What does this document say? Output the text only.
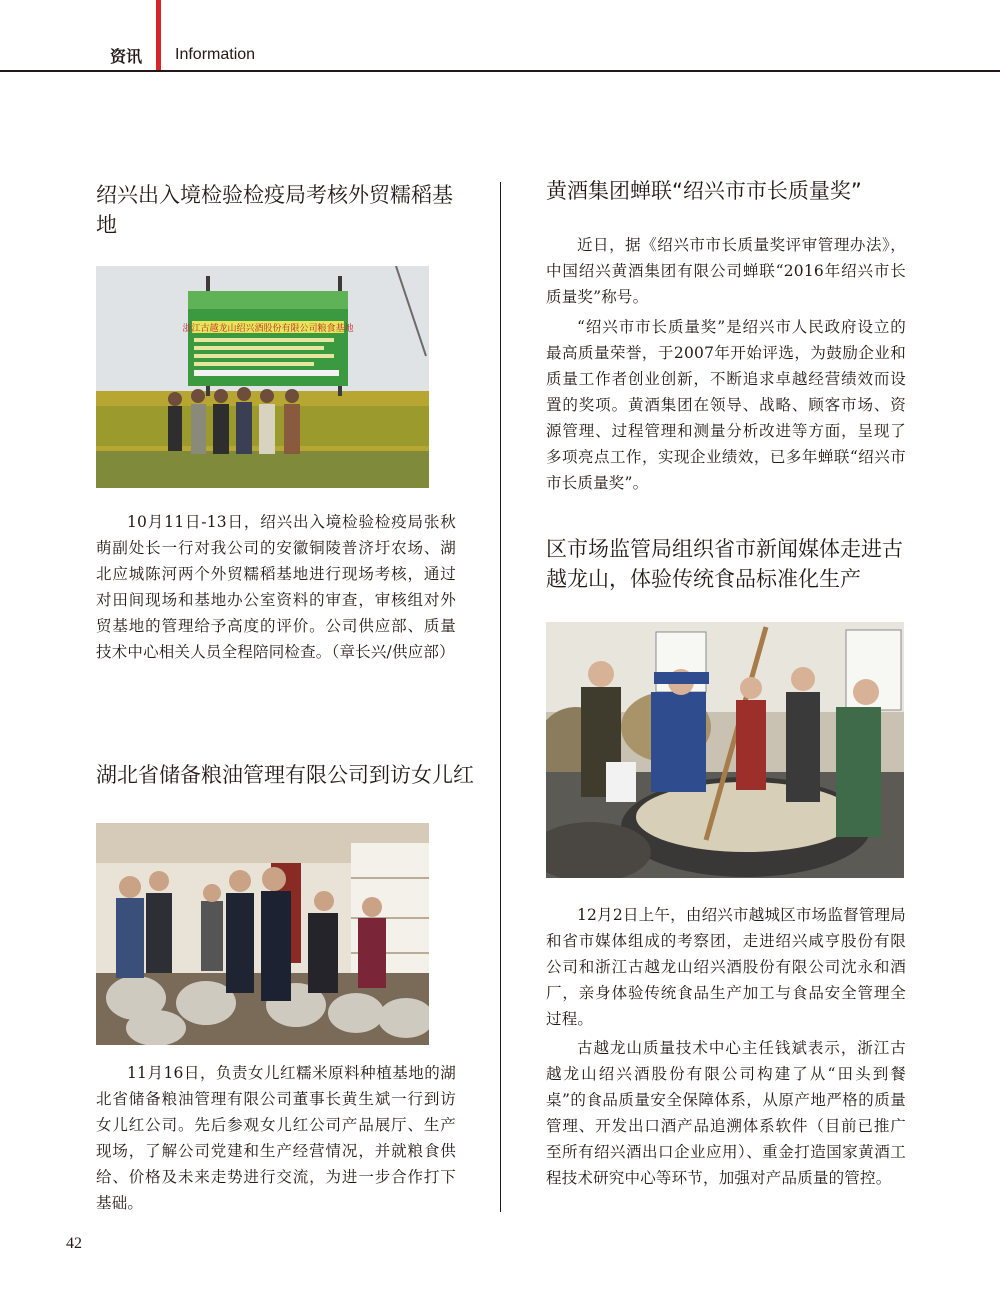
资讯 Information
绍兴出入境检验检疫局考核外贸糯稻基地
浙江古越龙山绍兴酒股份有限公司粮食基地

10月11日-13日，绍兴出入境检验检疫局张秋萌副处长一行对我公司的安徽铜陵普济圩农场、湖北应城陈河两个外贸糯稻基地进行现场考核，通过对田间现场和基地办公室资料的审查，审核组对外贸基地的管理给予高度的评价。公司供应部、质量技术中心相关人员全程陪同检查。（章长兴/供应部）

湖北省储备粮油管理有限公司到访女儿红

11月16日，负责女儿红糯米原料种植基地的湖北省储备粮油管理有限公司董事长黄生斌一行到访女儿红公司。先后参观女儿红公司产品展厅、生产现场，了解公司党建和生产经营情况，并就粮食供给、价格及未来走势进行交流，为进一步合作打下基础。

黄酒集团蝉联“绍兴市市长质量奖”

近日，据《绍兴市市长质量奖评审管理办法》，中国绍兴黄酒集团有限公司蝉联“2016年绍兴市长质量奖”称号。

“绍兴市市长质量奖”是绍兴市人民政府设立的最高质量荣誉，于2007年开始评选，为鼓励企业和质量工作者创业创新，不断追求卓越经营绩效而设置的奖项。黄酒集团在领导、战略、顾客市场、资源管理、过程管理和测量分析改进等方面，呈现了多项亮点工作，实现企业绩效，已多年蝉联“绍兴市市长质量奖”。

区市场监管局组织省市新闻媒体走进古越龙山，体验传统食品标准化生产

12月2日上午，由绍兴市越城区市场监督管理局和省市媒体组成的考察团，走进绍兴咸亨股份有限公司和浙江古越龙山绍兴酒股份有限公司沈永和酒厂，亲身体验传统食品生产加工与食品安全管理全过程。

古越龙山质量技术中心主任钱斌表示，浙江古越龙山绍兴酒股份有限公司构建了从“田头到餐桌”的食品质量安全保障体系，从原产地严格的质量管理、开发出口酒产品追溯体系软件（目前已推广至所有绍兴酒出口企业应用）、重金打造国家黄酒工程技术研究中心等环节，加强对产品质量的管控。

42
